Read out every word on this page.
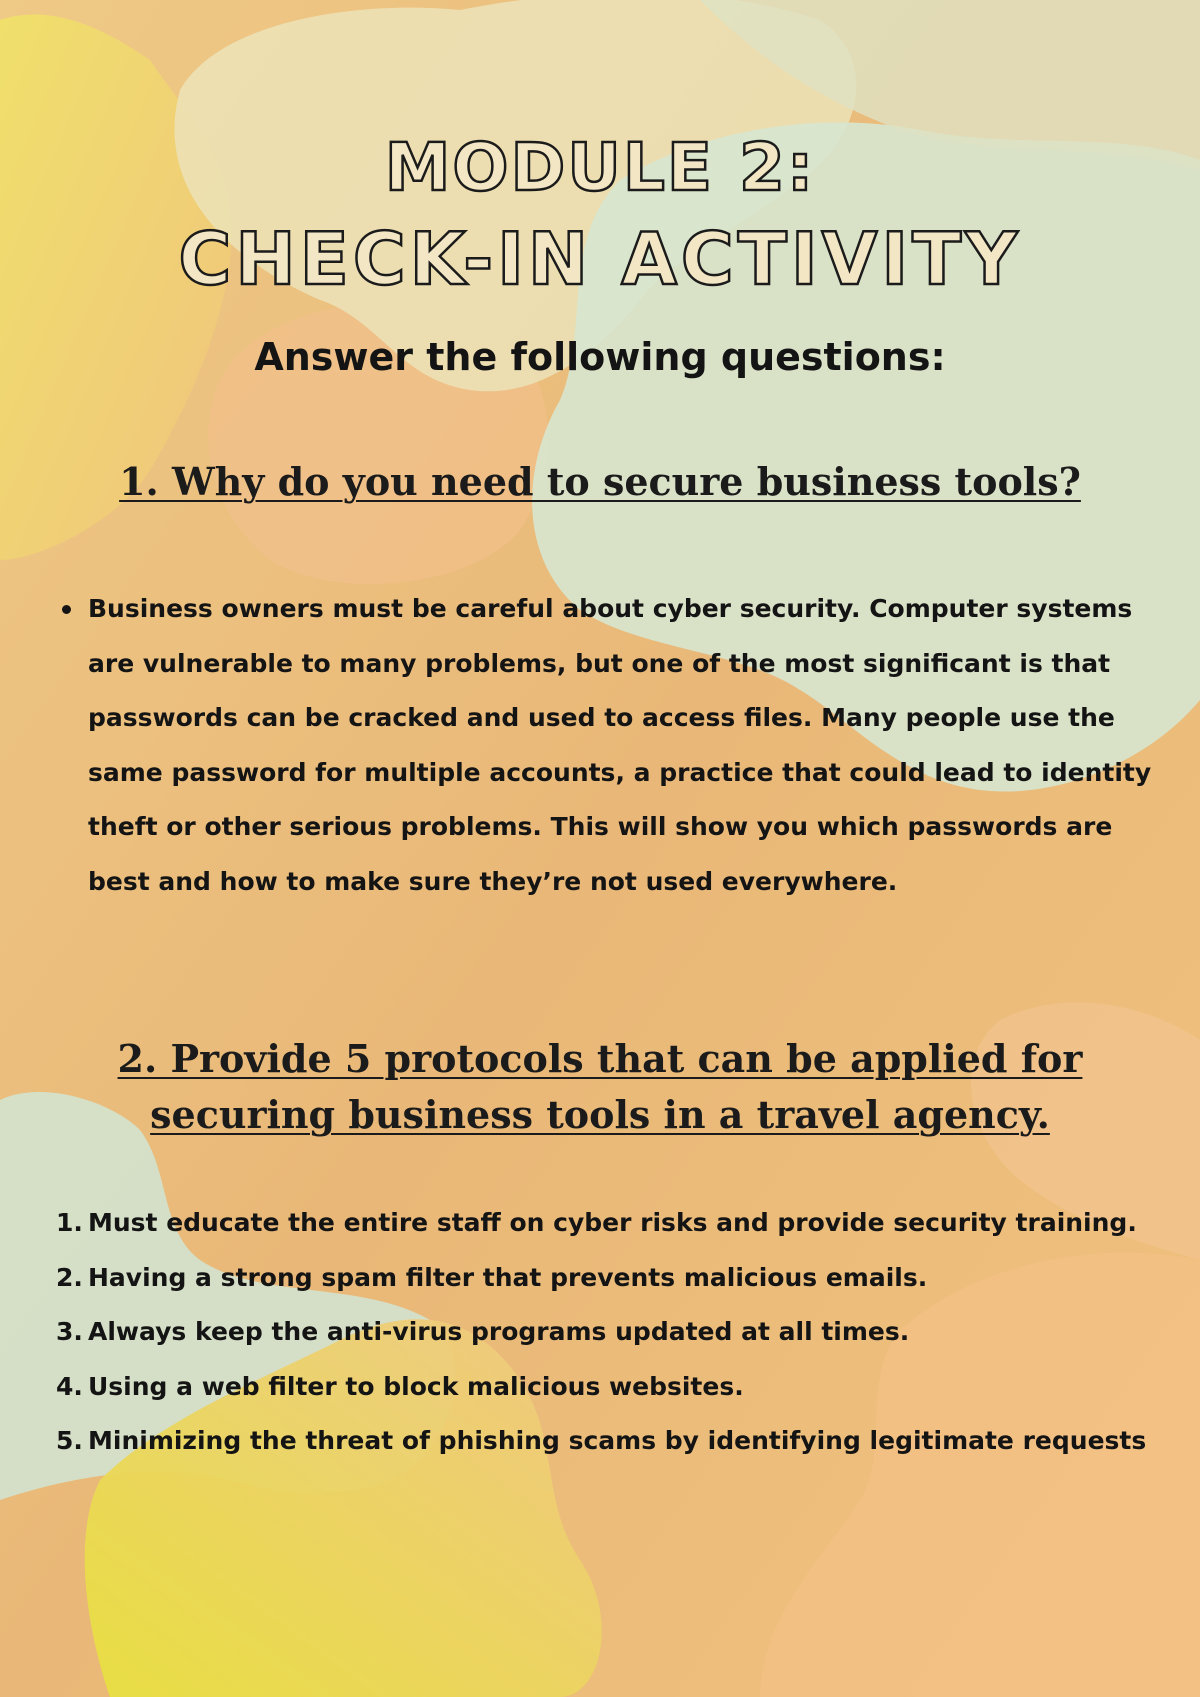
MODULE 2:
CHECK-IN ACTIVITY

Answer the following questions:

1. Why do you need to secure business tools?
Business owners must be careful about cyber security. Computer systems are vulnerable to many problems, but one of the most significant is that passwords can be cracked and used to access files. Many people use the same password for multiple accounts, a practice that could lead to identity theft or other serious problems. This will show you which passwords are best and how to make sure they’re not used everywhere.
2. Provide 5 protocols that can be applied for securing business tools in a travel agency.
1. Must educate the entire staff on cyber risks and provide security training.
2. Having a strong spam filter that prevents malicious emails.
3. Always keep the anti-virus programs updated at all times.
4. Using a web filter to block malicious websites.
5. Minimizing the threat of phishing scams by identifying legitimate requests
